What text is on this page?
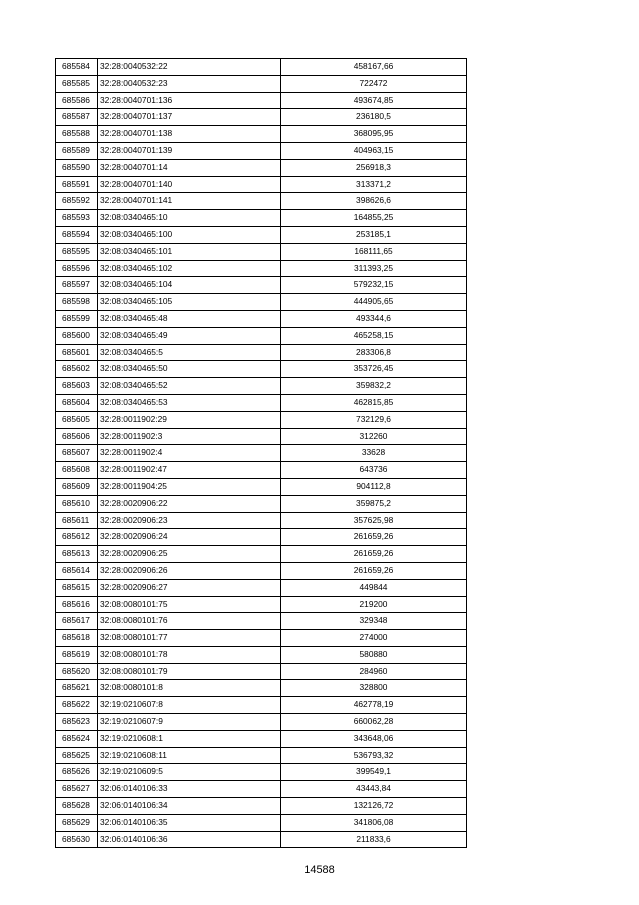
685584	32:28:0040532:22	458167,66
685585	32:28:0040532:23	722472
685586	32:28:0040701:136	493674,85
685587	32:28:0040701:137	236180,5
685588	32:28:0040701:138	368095,95
685589	32:28:0040701:139	404963,15
685590	32:28:0040701:14	256918,3
685591	32:28:0040701:140	313371,2
685592	32:28:0040701:141	398626,6
685593	32:08:0340465:10	164855,25
685594	32:08:0340465:100	253185,1
685595	32:08:0340465:101	168111,65
685596	32:08:0340465:102	311393,25
685597	32:08:0340465:104	579232,15
685598	32:08:0340465:105	444905,65
685599	32:08:0340465:48	493344,6
685600	32:08:0340465:49	465258,15
685601	32:08:0340465:5	283306,8
685602	32:08:0340465:50	353726,45
685603	32:08:0340465:52	359832,2
685604	32:08:0340465:53	462815,85
685605	32:28:0011902:29	732129,6
685606	32:28:0011902:3	312260
685607	32:28:0011902:4	33628
685608	32:28:0011902:47	643736
685609	32:28:0011904:25	904112,8
685610	32:28:0020906:22	359875,2
685611	32:28:0020906:23	357625,98
685612	32:28:0020906:24	261659,26
685613	32:28:0020906:25	261659,26
685614	32:28:0020906:26	261659,26
685615	32:28:0020906:27	449844
685616	32:08:0080101:75	219200
685617	32:08:0080101:76	329348
685618	32:08:0080101:77	274000
685619	32:08:0080101:78	580880
685620	32:08:0080101:79	284960
685621	32:08:0080101:8	328800
685622	32:19:0210607:8	462778,19
685623	32:19:0210607:9	660062,28
685624	32:19:0210608:1	343648,06
685625	32:19:0210608:11	536793,32
685626	32:19:0210609:5	399549,1
685627	32:06:0140106:33	43443,84
685628	32:06:0140106:34	132126,72
685629	32:06:0140106:35	341806,08
685630	32:06:0140106:36	211833,6
14588
